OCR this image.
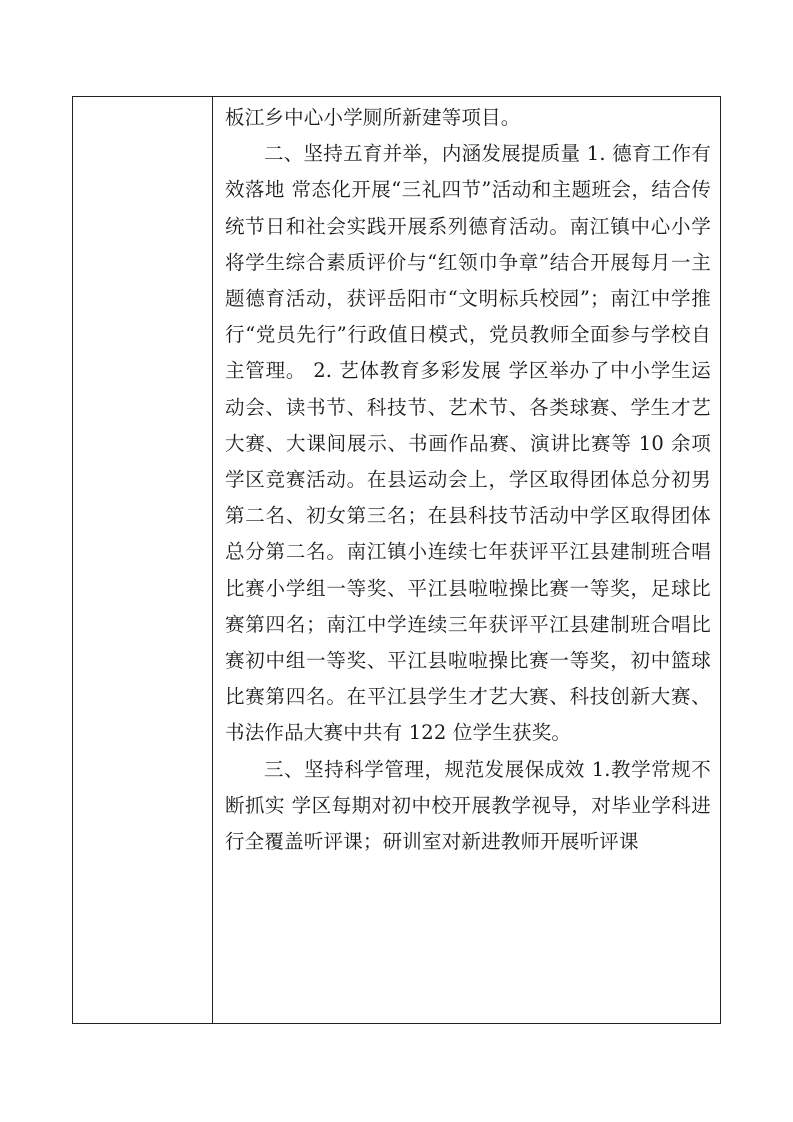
板江乡中心小学厕所新建等项目。

二、坚持五育并举，内涵发展提质量 1. 德育工作有效落地 常态化开展“三礼四节”活动和主题班会，结合传统节日和社会实践开展系列德育活动。南江镇中心小学将学生综合素质评价与“红领巾争章”结合开展每月一主题德育活动，获评岳阳市“文明标兵校园”；南江中学推行“党员先行”行政值日模式，党员教师全面参与学校自主管理。 2. 艺体教育多彩发展 学区举办了中小学生运动会、读书节、科技节、艺术节、各类球赛、学生才艺大赛、大课间展示、书画作品赛、演讲比赛等 10 余项学区竞赛活动。在县运动会上，学区取得团体总分初男第二名、初女第三名；在县科技节活动中学区取得团体总分第二名。南江镇小连续七年获评平江县建制班合唱比赛小学组一等奖、平江县啦啦操比赛一等奖，足球比赛第四名；南江中学连续三年获评平江县建制班合唱比赛初中组一等奖、平江县啦啦操比赛一等奖，初中篮球比赛第四名。在平江县学生才艺大赛、科技创新大赛、书法作品大赛中共有 122 位学生获奖。

三、坚持科学管理，规范发展保成效 1.教学常规不断抓实 学区每期对初中校开展教学视导，对毕业学科进行全覆盖听评课；研训室对新进教师开展听评课
